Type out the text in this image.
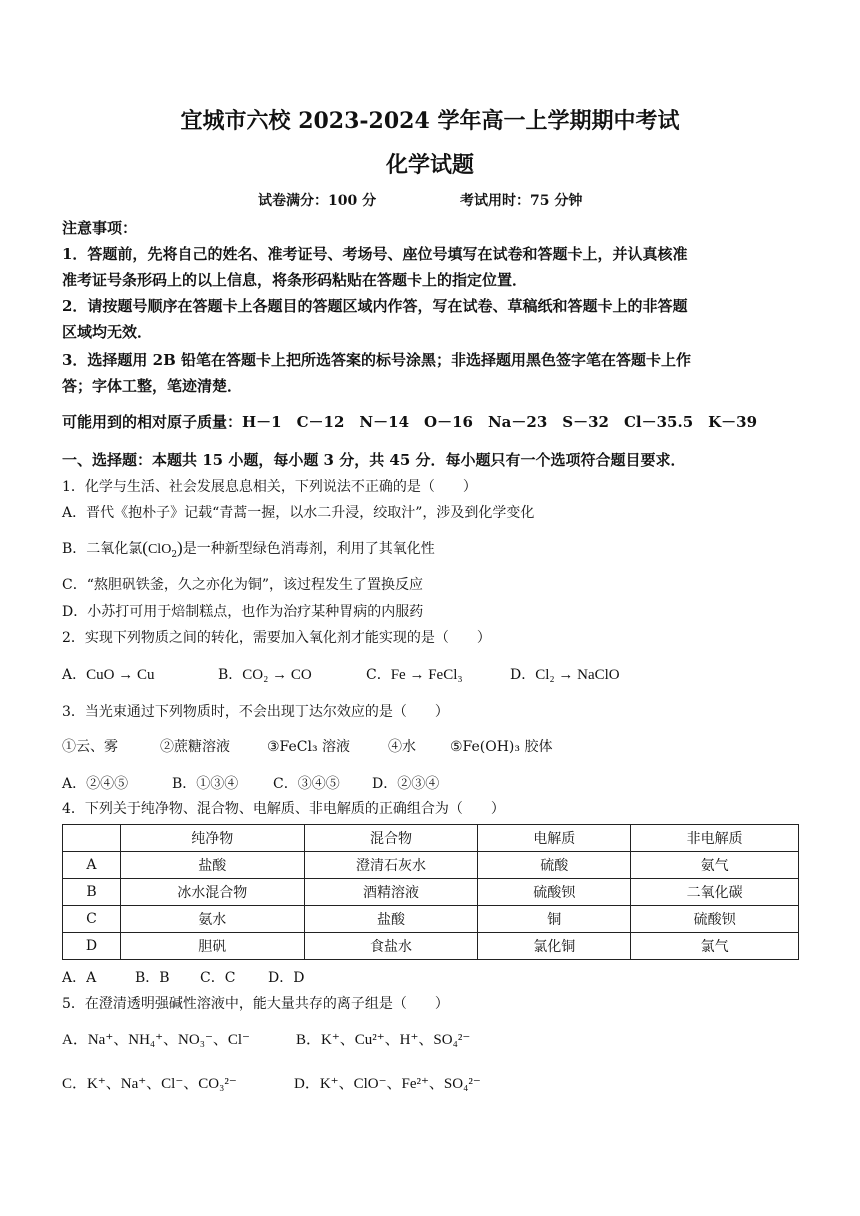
宜城市六校 2023-2024 学年高一上学期期中考试
化学试题
试卷满分：100 分	考试用时：75 分钟
注意事项：
1．答题前，先将自己的姓名、准考证号、考场号、座位号填写在试卷和答题卡上，并认真核准
准考证号条形码上的以上信息，将条形码粘贴在答题卡上的指定位置．
2．请按题号顺序在答题卡上各题目的答题区域内作答，写在试卷、草稿纸和答题卡上的非答题
区域均无效．
3．选择题用 2B 铅笔在答题卡上把所选答案的标号涂黑；非选择题用黑色签字笔在答题卡上作
答；字体工整，笔迹清楚．
可能用到的相对原子质量：H－1　C－12　N－14　O－16　Na－23　S－32　Cl－35.5　K－39
一、选择题：本题共 15 小题，每小题 3 分，共 45 分．每小题只有一个选项符合题目要求．
1．化学与生活、社会发展息息相关，下列说法不正确的是（　　）
A．晋代《抱朴子》记载“青蒿一握，以水二升浸，绞取汁”，涉及到化学变化
B．二氧化氯(ClO$_2$)是一种新型绿色消毒剂，利用了其氧化性
C．“熬胆矾铁釜，久之亦化为铜”，该过程发生了置换反应
D．小苏打可用于焙制糕点，也作为治疗某种胃病的内服药
2．实现下列物质之间的转化，需要加入氧化剂才能实现的是（　　）
A．CuO → Cu	B．CO₂ → CO	C．Fe → FeCl₃	D．Cl₂ → NaClO
3．当光束通过下列物质时，不会出现丁达尔效应的是（　　）
①云、雾	②蔗糖溶液	③FeCl₃ 溶液	④水 ⑤Fe(OH)₃ 胶体
A．②④⑤	B．①③④ C．③④⑤ D．②③④
4．下列关于纯净物、混合物、电解质、非电解质的正确组合为（　　）
	纯净物	混合物	电解质	非电解质
A	盐酸	澄清石灰水	硫酸	氨气
B	冰水混合物	酒精溶液	硫酸钡	二氧化碳
C	氨水	盐酸	铜	硫酸钡
D	胆矾	食盐水	氯化铜	氯气
A．A	B．B C．C D．D
5．在澄清透明强碱性溶液中，能大量共存的离子组是（　　）
A．Na⁺、NH₄⁺、NO₃⁻、Cl⁻	B．K⁺、Cu²⁺、H⁺、SO₄²⁻
C．K⁺、Na⁺、Cl⁻、CO₃²⁻	D．K⁺、ClO⁻、Fe²⁺、SO₄²⁻
